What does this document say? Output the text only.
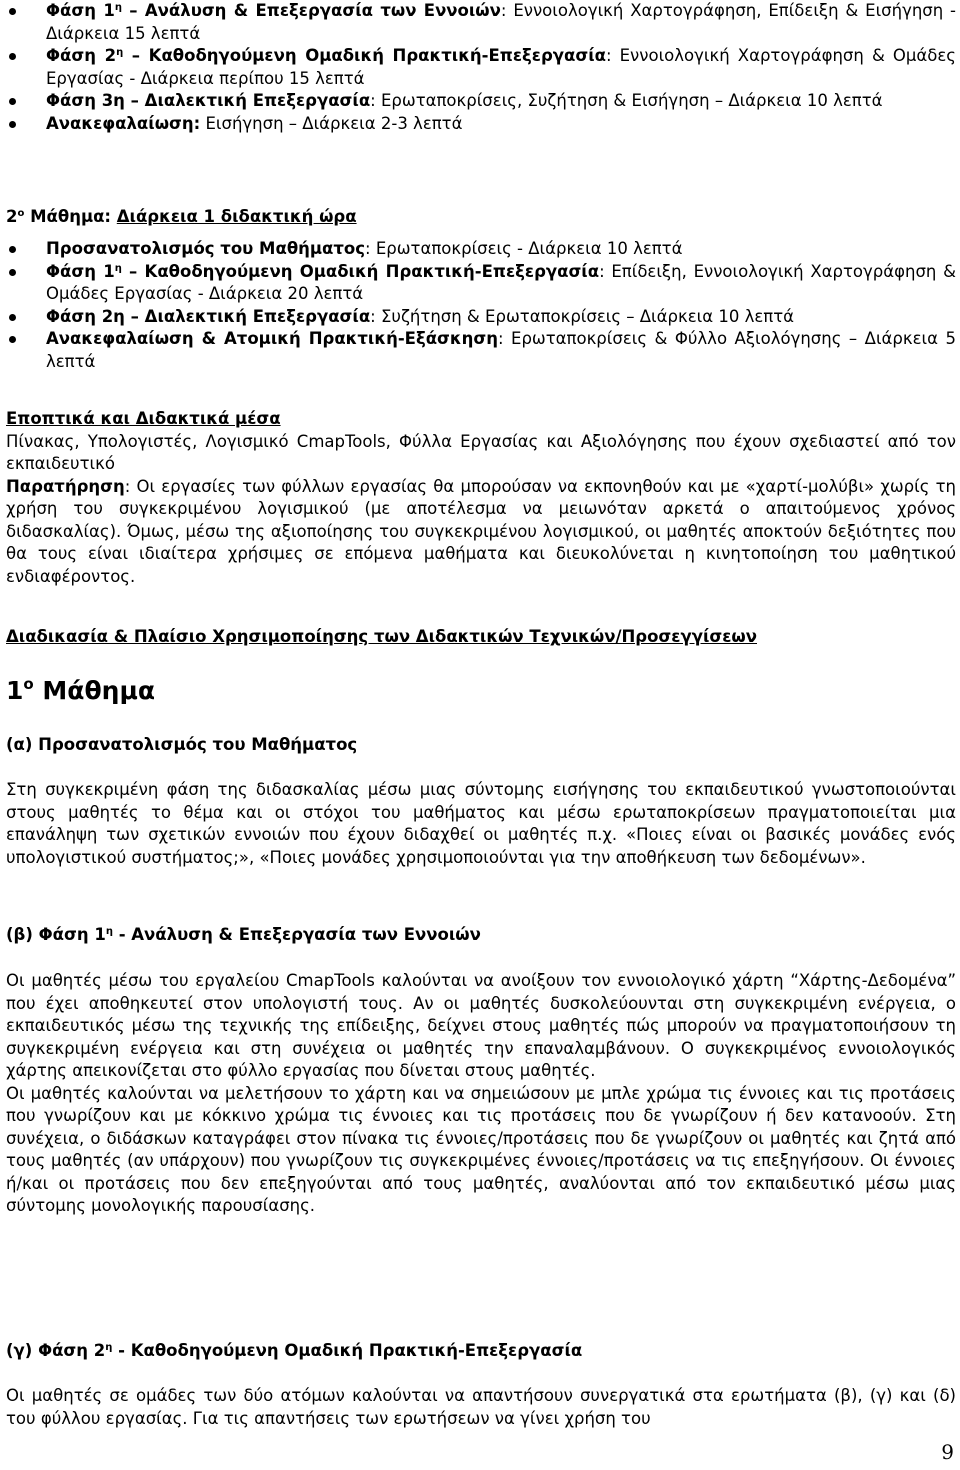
Φάση $1^\eta$ – Ανάλυση & Επεξεργασία των Εννοιών: Εννοιολογική Χαρτογράφηση, Επίδειξη & Εισήγηση - Διάρκεια 15 λεπτά
Φάση $2^\eta$ – Καθοδηγούμενη Ομαδική Πρακτική-Επεξεργασία: Εννοιολογική Χαρτογράφηση & Ομάδες Εργασίας - Διάρκεια περίπου 15 λεπτά
Φάση 3η – Διαλεκτική Επεξεργασία: Ερωταποκρίσεις, Συζήτηση & Εισήγηση – Διάρκεια 10 λεπτά
Ανακεφαλαίωση: Εισήγηση – Διάρκεια 2-3 λεπτά

$2^o$ Μάθημα: Διάρκεια 1 διδακτική ώρα

Προσανατολισμός του Μαθήματος: Ερωταποκρίσεις - Διάρκεια 10 λεπτά
Φάση $1^\eta$ – Καθοδηγούμενη Ομαδική Πρακτική-Επεξεργασία: Επίδειξη, Εννοιολογική Χαρτογράφηση & Ομάδες Εργασίας - Διάρκεια 20 λεπτά
Φάση 2η – Διαλεκτική Επεξεργασία: Συζήτηση & Ερωταποκρίσεις – Διάρκεια 10 λεπτά
Ανακεφαλαίωση & Ατομική Πρακτική-Εξάσκηση: Ερωταποκρίσεις & Φύλλο Αξιολόγησης – Διάρκεια 5 λεπτά

Εποπτικά και Διδακτικά μέσα

Πίνακας, Υπολογιστές, Λογισμικό CmapTools, Φύλλα Εργασίας και Αξιολόγησης που έχουν σχεδιαστεί από τον εκπαιδευτικό

Παρατήρηση: Οι εργασίες των φύλλων εργασίας θα μπορούσαν να εκπονηθούν και με «χαρτί-μολύβι» χωρίς τη χρήση του συγκεκριμένου λογισμικού (με αποτέλεσμα να μειωνόταν αρκετά ο απαιτούμενος χρόνος διδασκαλίας). Όμως, μέσω της αξιοποίησης του συγκεκριμένου λογισμικού, οι μαθητές αποκτούν δεξιότητες που θα τους είναι ιδιαίτερα χρήσιμες σε επόμενα μαθήματα και διευκολύνεται η κινητοποίηση του μαθητικού ενδιαφέροντος.

Διαδικασία & Πλαίσιο Χρησιμοποίησης των Διδακτικών Τεχνικών/Προσεγγίσεων

$1^o$ Μάθημα

(α) Προσανατολισμός του Μαθήματος

Στη συγκεκριμένη φάση της διδασκαλίας μέσω μιας σύντομης εισήγησης του εκπαιδευτικού γνωστοποιούνται στους μαθητές το θέμα και οι στόχοι του μαθήματος και μέσω ερωταποκρίσεων πραγματοποιείται μια επανάληψη των σχετικών εννοιών που έχουν διδαχθεί οι μαθητές π.χ. «Ποιες είναι οι βασικές μονάδες ενός υπολογιστικού συστήματος;», «Ποιες μονάδες χρησιμοποιούνται για την αποθήκευση των δεδομένων».

(β) Φάση $1^\eta$ - Ανάλυση & Επεξεργασία των Εννοιών

Οι μαθητές μέσω του εργαλείου CmapTools καλούνται να ανοίξουν τον εννοιολογικό χάρτη “Χάρτης-Δεδομένα” που έχει αποθηκευτεί στον υπολογιστή τους. Αν οι μαθητές δυσκολεύουνται στη συγκεκριμένη ενέργεια, ο εκπαιδευτικός μέσω της τεχνικής της επίδειξης, δείχνει στους μαθητές πώς μπορούν να πραγματοποιήσουν τη συγκεκριμένη ενέργεια και στη συνέχεια οι μαθητές την επαναλαμβάνουν. Ο συγκεκριμένος εννοιολογικός χάρτης απεικονίζεται στο φύλλο εργασίας που δίνεται στους μαθητές.

Οι μαθητές καλούνται να μελετήσουν το χάρτη και να σημειώσουν με μπλε χρώμα τις έννοιες και τις προτάσεις που γνωρίζουν και με κόκκινο χρώμα τις έννοιες και τις προτάσεις που δε γνωρίζουν ή δεν κατανοούν. Στη συνέχεια, ο διδάσκων καταγράφει στον πίνακα τις έννοιες/προτάσεις που δε γνωρίζουν οι μαθητές και ζητά από τους μαθητές (αν υπάρχουν) που γνωρίζουν τις συγκεκριμένες έννοιες/προτάσεις να τις επεξηγήσουν. Οι έννοιες ή/και οι προτάσεις που δεν επεξηγούνται από τους μαθητές, αναλύονται από τον εκπαιδευτικό μέσω μιας σύντομης μονολογικής παρουσίασης.

(γ) Φάση $2^\eta$ - Καθοδηγούμενη Ομαδική Πρακτική-Επεξεργασία

Οι μαθητές σε ομάδες των δύο ατόμων καλούνται να απαντήσουν συνεργατικά στα ερωτήματα (β), (γ) και (δ) του φύλλου εργασίας. Για τις απαντήσεις των ερωτήσεων να γίνει χρήση του

9
